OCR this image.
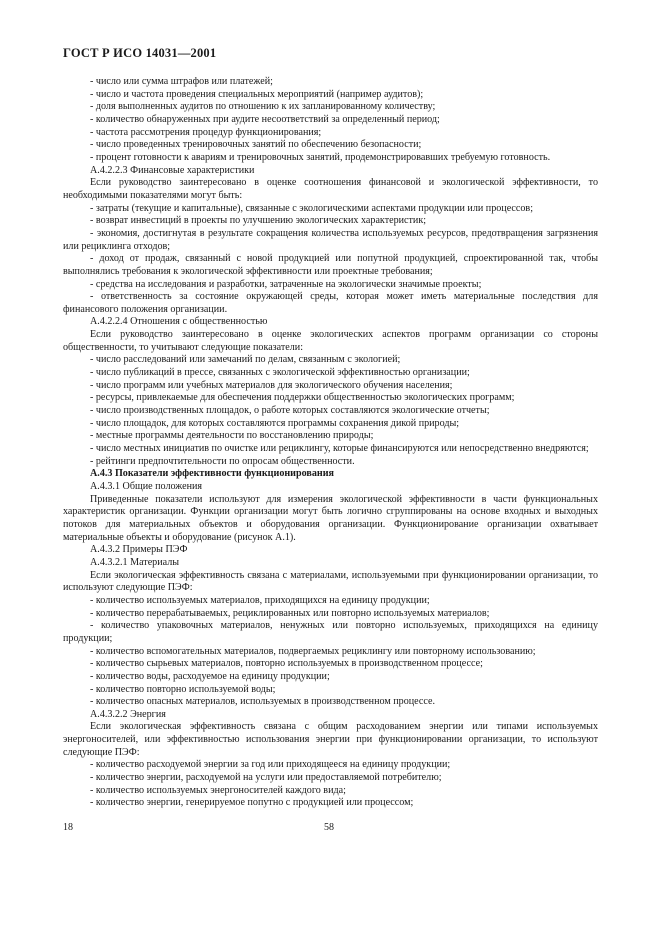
ГОСТ Р ИСО 14031—2001

- число или сумма штрафов или платежей;

- число и частота проведения специальных мероприятий (например аудитов);

- доля выполненных аудитов по отношению к их запланированному количеству;

- количество обнаруженных при аудите несоответствий за определенный период;

- частота рассмотрения процедур функционирования;

- число проведенных тренировочных занятий по обеспечению безопасности;

- процент готовности к авариям и тренировочных занятий, продемонстрировавших требуемую готовность.

А.4.2.2.3 Финансовые характеристики

Если руководство заинтересовано в оценке соотношения финансовой и экологической эффективности, то необходимыми показателями могут быть:

- затраты (текущие и капитальные), связанные с экологическими аспектами продукции или процессов;

- возврат инвестиций в проекты по улучшению экологических характеристик;

- экономия, достигнутая в результате сокращения количества используемых ресурсов, предотвращения загрязнения или рециклинга отходов;

- доход от продаж, связанный с новой продукцией или попутной продукцией, спроектированной так, чтобы выполнялись требования к экологической эффективности или проектные требования;

- средства на исследования и разработки, затраченные на экологически значимые проекты;

- ответственность за состояние окружающей среды, которая может иметь материальные последствия для финансового положения организации.

А.4.2.2.4 Отношения с общественностью

Если руководство заинтересовано в оценке экологических аспектов программ организации со стороны общественности, то учитывают следующие показатели:

- число расследований или замечаний по делам, связанным с экологией;

- число публикаций в прессе, связанных с экологической эффективностью организации;

- число программ или учебных материалов для экологического обучения населения;

- ресурсы, привлекаемые для обеспечения поддержки общественностью экологических программ;

- число производственных площадок, о работе которых составляются экологические отчеты;

- число площадок, для которых составляются программы сохранения дикой природы;

- местные программы деятельности по восстановлению природы;

- число местных инициатив по очистке или рециклингу, которые финансируются или непосредственно внедряются;

- рейтинги предпочтительности по опросам общественности.

А.4.3 Показатели эффективности функционирования

А.4.3.1 Общие положения

Приведенные показатели используют для измерения экологической эффективности в части функциональных характеристик организации. Функции организации могут быть логично сгруппированы на основе входных и выходных потоков для материальных объектов и оборудования организации. Функционирование организации охватывает материальные объекты и оборудование (рисунок А.1).

А.4.3.2 Примеры ПЭФ

А.4.3.2.1 Материалы

Если экологическая эффективность связана с материалами, используемыми при функционировании организации, то используют следующие ПЭФ:

- количество используемых материалов, приходящихся на единицу продукции;

- количество перерабатываемых, рециклированных или повторно используемых материалов;

- количество упаковочных материалов, ненужных или повторно используемых, приходящихся на единицу продукции;

- количество вспомогательных материалов, подвергаемых рециклингу или повторному использованию;

- количество сырьевых материалов, повторно используемых в производственном процессе;

- количество воды, расходуемое на единицу продукции;

- количество повторно используемой воды;

- количество опасных материалов, используемых в производственном процессе.

А.4.3.2.2 Энергия

Если экологическая эффективность связана с общим расходованием энергии или типами используемых энергоносителей, или эффективностью использования энергии при функционировании организации, то используют следующие ПЭФ:

- количество расходуемой энергии за год или приходящееся на единицу продукции;

- количество энергии, расходуемой на услуги или предоставляемой потребителю;

- количество используемых энергоносителей каждого вида;

- количество энергии, генерируемое попутно с продукцией или процессом;

18	58
